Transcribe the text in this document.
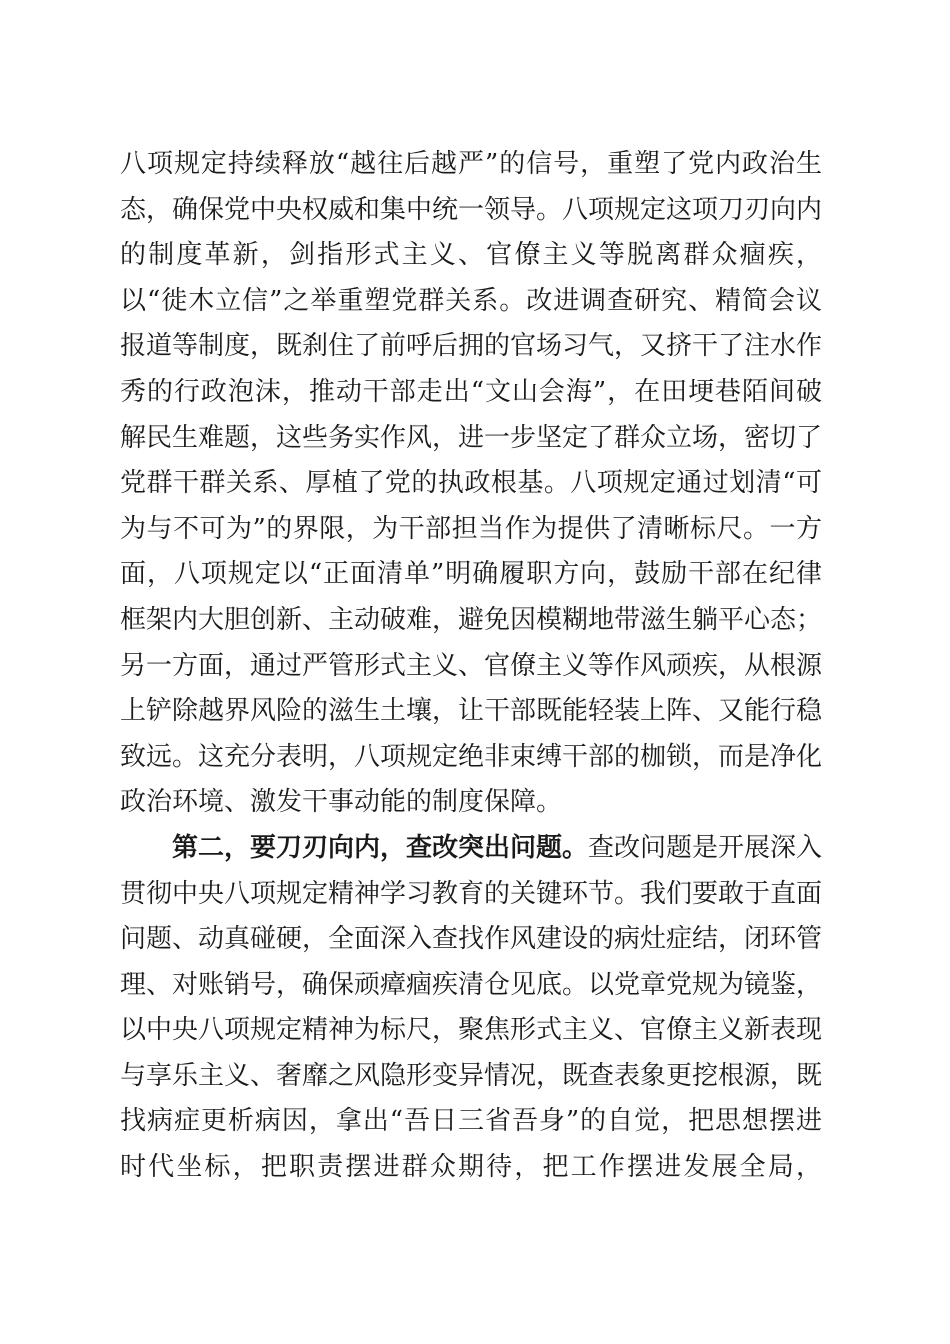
八项规定持续释放“越往后越严”的信号，重塑了党内政治生
态，确保党中央权威和集中统一领导。八项规定这项刀刃向内
的制度革新，剑指形式主义、官僚主义等脱离群众痼疾，
以“徙木立信”之举重塑党群关系。改进调查研究、精简会议
报道等制度，既刹住了前呼后拥的官场习气，又挤干了注水作
秀的行政泡沫，推动干部走出“文山会海”，在田埂巷陌间破
解民生难题，这些务实作风，进一步坚定了群众立场，密切了
党群干群关系、厚植了党的执政根基。八项规定通过划清“可
为与不可为”的界限，为干部担当作为提供了清晰标尺。一方
面，八项规定以“正面清单”明确履职方向，鼓励干部在纪律
框架内大胆创新、主动破难，避免因模糊地带滋生躺平心态；
另一方面，通过严管形式主义、官僚主义等作风顽疾，从根源
上铲除越界风险的滋生土壤，让干部既能轻装上阵、又能行稳
致远。这充分表明，八项规定绝非束缚干部的枷锁，而是净化
政治环境、激发干事动能的制度保障。
第二，要刀刃向内，查改突出问题。查改问题是开展深入
贯彻中央八项规定精神学习教育的关键环节。我们要敢于直面
问题、动真碰硬，全面深入查找作风建设的病灶症结，闭环管
理、对账销号，确保顽瘴痼疾清仓见底。以党章党规为镜鉴，
以中央八项规定精神为标尺，聚焦形式主义、官僚主义新表现
与享乐主义、奢靡之风隐形变异情况，既查表象更挖根源，既
找病症更析病因，拿出“吾日三省吾身”的自觉，把思想摆进
时代坐标，把职责摆进群众期待，把工作摆进发展全局，
